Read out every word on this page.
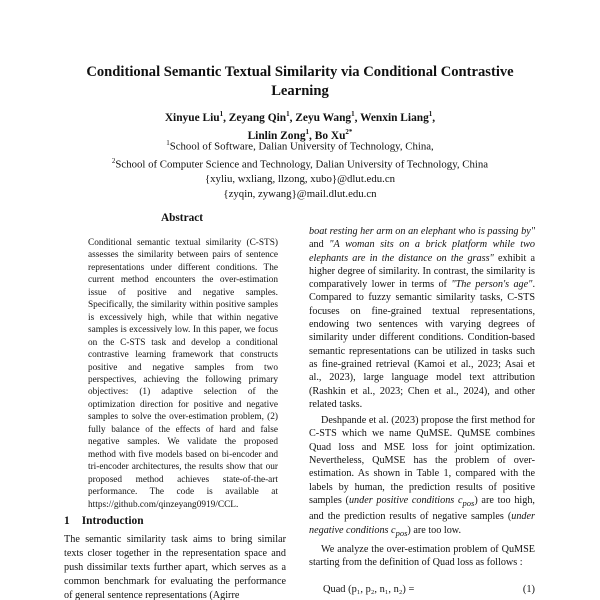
Conditional Semantic Textual Similarity via Conditional Contrastive
Learning
Xinyue Liu$^1$, Zeyang Qin$^1$, Zeyu Wang$^1$, Wenxin Liang$^1$,
Linlin Zong$^1$, Bo $Xu^{2*}$
$^1$School of Software, Dalian University of Technology, China,
$^2$School of Computer Science and Technology, Dalian University of Technology, China
{xyliu, wxliang, llzong, xubo}@dlut.edu.cn
{zyqin, zywang}@mail.dlut.edu.cn
Abstract
Conditional semantic textual similarity (C-STS) assesses the similarity between pairs of sentence representations under different conditions. The current method encounters the over-estimation issue of positive and negative samples. Specifically, the similarity within positive samples is excessively high, while that within negative samples is excessively low. In this paper, we focus on the C-STS task and develop a conditional contrastive learning framework that constructs positive and negative samples from two perspectives, achieving the following primary objectives: (1) adaptive selection of the optimization direction for positive and negative samples to solve the over-estimation problem, (2) fully balance of the effects of hard and false negative samples. We validate the proposed method with five models based on bi-encoder and tri-encoder architectures, the results show that our proposed method achieves state-of-the-art performance. The code is available at https://github.com/qinzeyang0919/CCL.
1 Introduction
The semantic similarity task aims to bring similar texts closer together in the representation space and push dissimilar texts further apart, which serves as a common benchmark for evaluating the performance of general sentence representations (Agirre

boat resting her arm on an elephant who is passing by" and "A woman sits on a brick platform while two elephants are in the distance on the grass" exhibit a higher degree of similarity. In contrast, the similarity is comparatively lower in terms of "The person's age". Compared to fuzzy semantic similarity tasks, C-STS focuses on fine-grained textual representations, endowing two sentences with varying degrees of similarity under different conditions. Condition-based semantic representations can be utilized in tasks such as fine-grained retrieval (Kamoi et al., 2023; Asai et al., 2023), large language model text attribution (Rashkin et al., 2023; Chen et al., 2024), and other related tasks.

Deshpande et al. (2023) propose the first method for C-STS which we name QuMSE. QuMSE combines Quad loss and MSE loss for joint optimization. Nevertheless, QuMSE has the problem of over-estimation. As shown in Table 1, compared with the labels by human, the prediction results of positive samples (under positive conditions $c_{pos}$) are too high, and the prediction results of negative samples (under negative conditions $c_{pos}$) are too low.

We analyze the over-estimation problem of QuMSE starting from the definition of Quad loss as follows :

Quad (p₁, p₂, n₁, n₂) =	(1)
